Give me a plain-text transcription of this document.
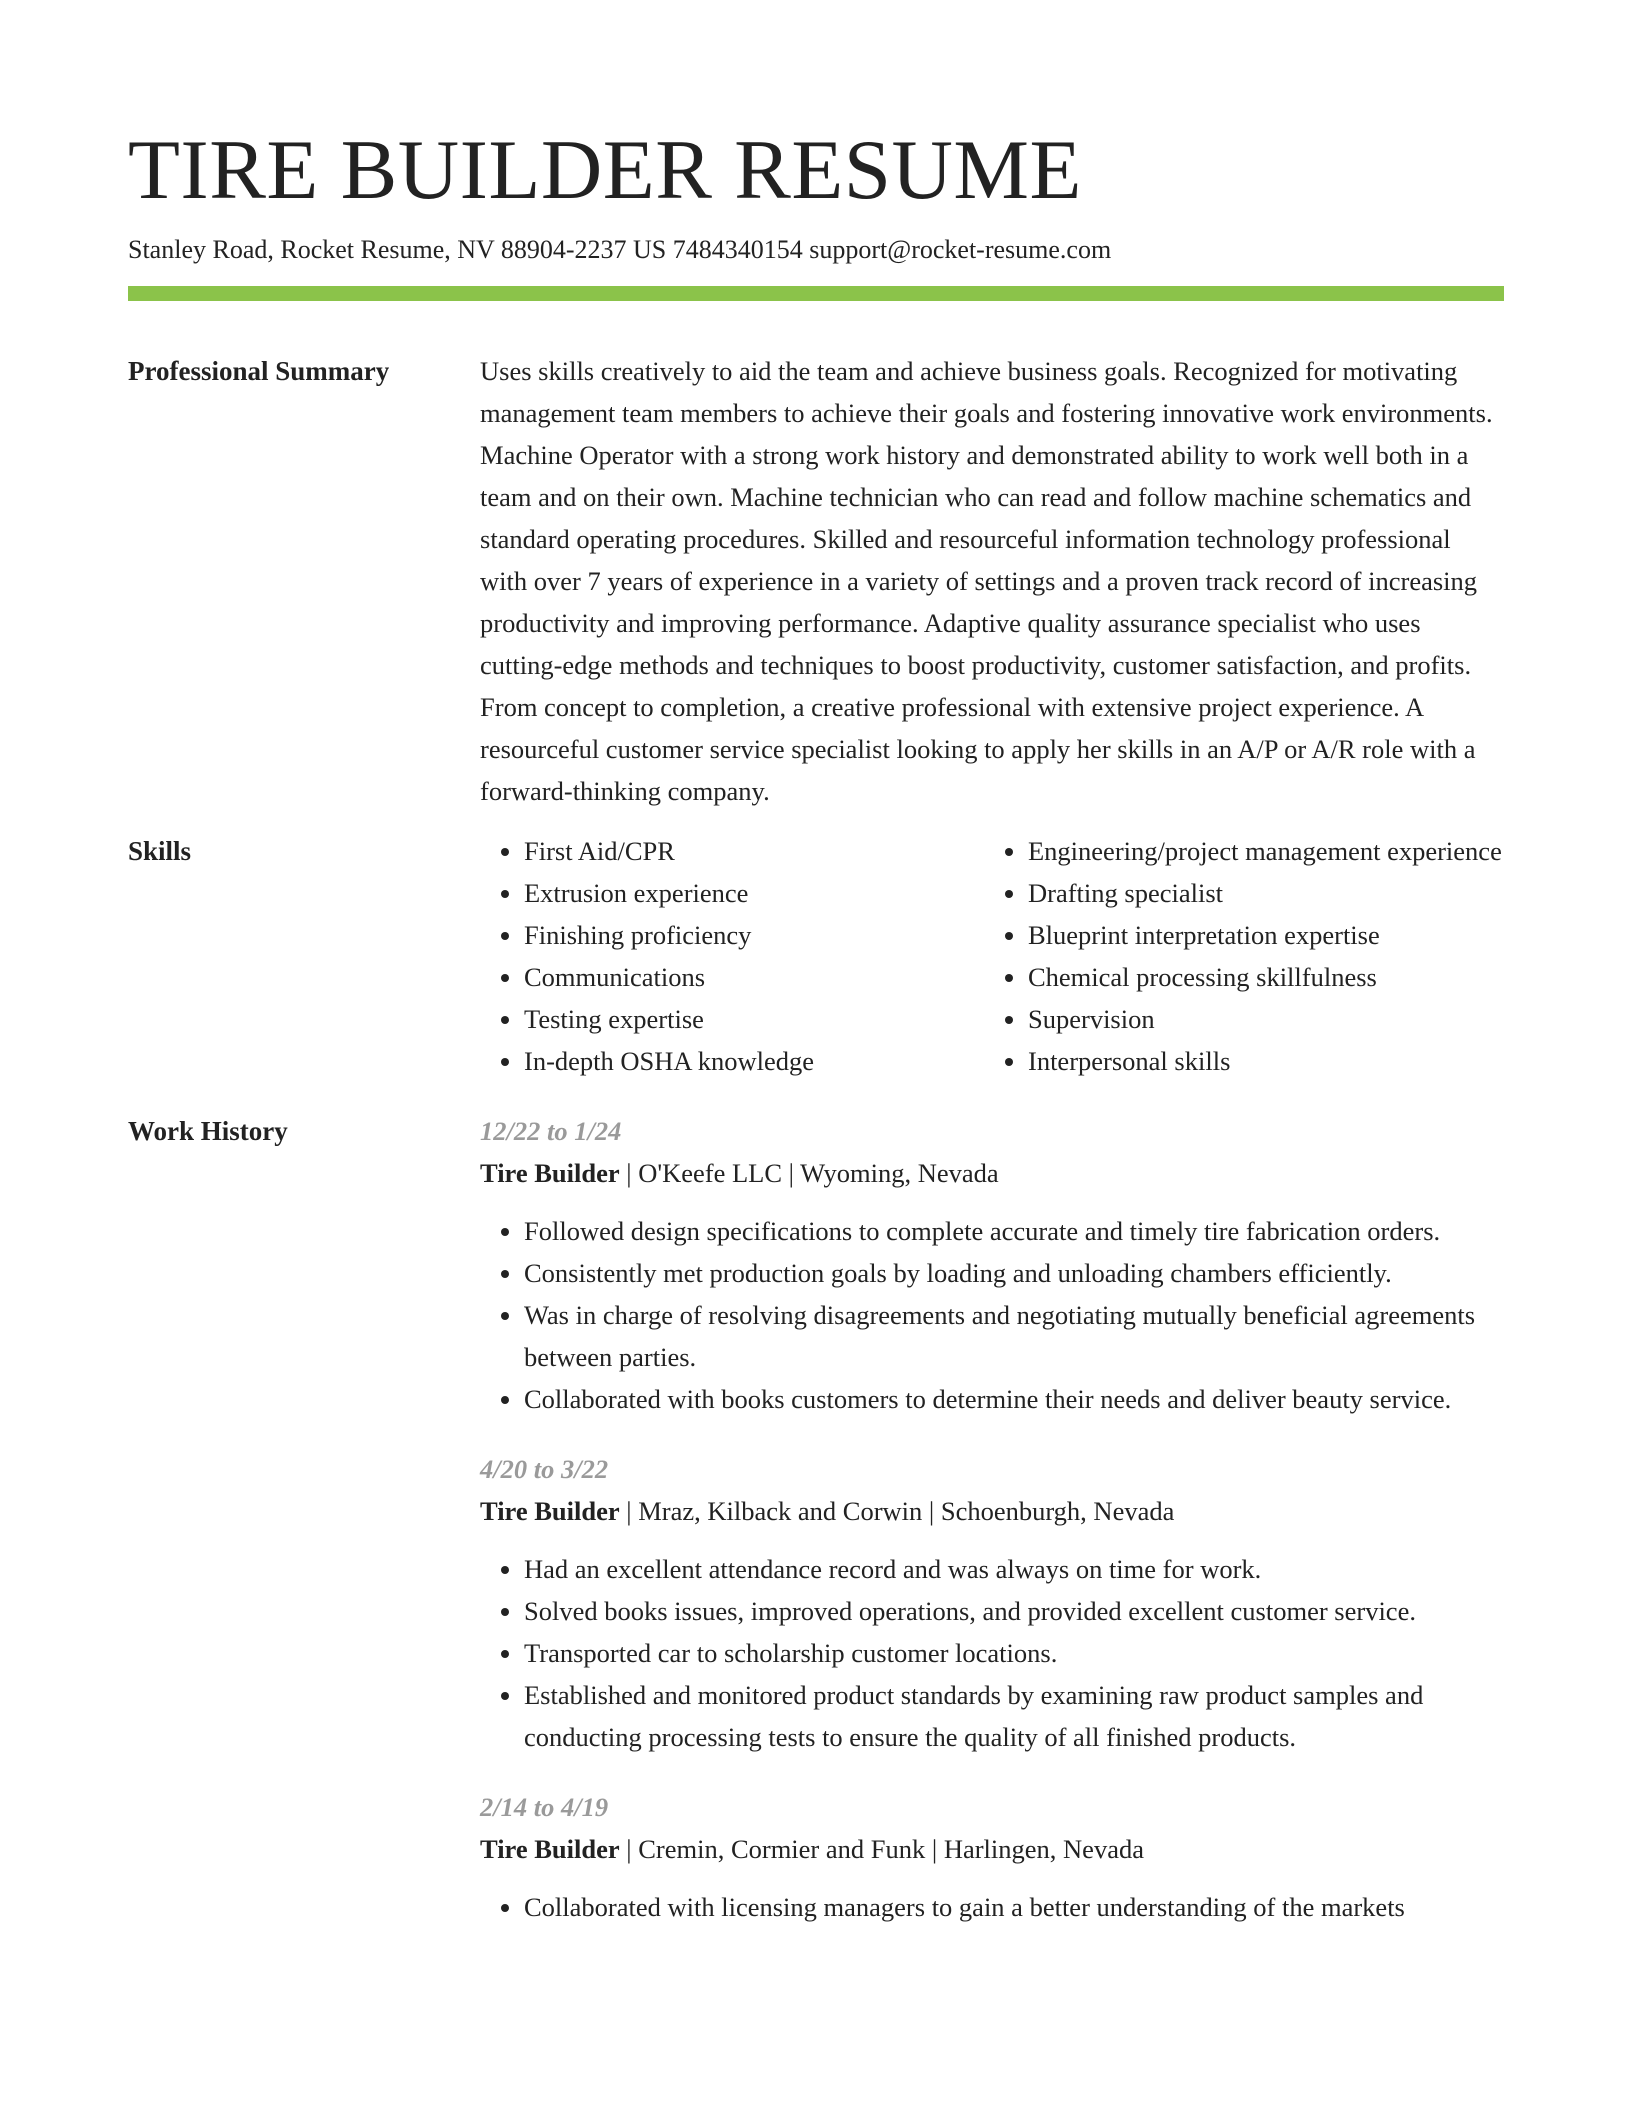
TIRE BUILDER RESUME
Stanley Road, Rocket Resume, NV 88904-2237 US 7484340154 support@rocket-resume.com
Professional Summary	Uses skills creatively to aid the team and achieve business goals. Recognized for motivating management team members to achieve their goals and fostering innovative work environments. Machine Operator with a strong work history and demonstrated ability to work well both in a team and on their own. Machine technician who can read and follow machine schematics and standard operating procedures. Skilled and resourceful information technology professional with over 7 years of experience in a variety of settings and a proven track record of increasing productivity and improving performance. Adaptive quality assurance specialist who uses cutting-edge methods and techniques to boost productivity, customer satisfaction, and profits. From concept to completion, a creative professional with extensive project experience. A resourceful customer service specialist looking to apply her skills in an A/P or A/R role with a forward-thinking company.

Skills
•	First Aid/CPR
• Extrusion experience
• Finishing proficiency
• Communications
• Testing expertise
• In-depth OSHA knowledge
• Engineering/project management experience
• Drafting specialist
• Blueprint interpretation expertise
• Chemical processing skillfulness
• Supervision
• Interpersonal skills
Work History	12/22 to 1/24
Tire Builder | O'Keefe LLC | Wyoming, Nevada
• Followed design specifications to complete accurate and timely tire fabrication orders.
• Consistently met production goals by loading and unloading chambers efficiently.
• Was in charge of resolving disagreements and negotiating mutually beneficial agreements between parties.
• Collaborated with books customers to determine their needs and deliver beauty service.
4/20 to 3/22
Tire Builder | Mraz, Kilback and Corwin | Schoenburgh, Nevada
• Had an excellent attendance record and was always on time for work.
• Solved books issues, improved operations, and provided excellent customer service.
• Transported car to scholarship customer locations.
• Established and monitored product standards by examining raw product samples and conducting processing tests to ensure the quality of all finished products.
2/14 to 4/19
Tire Builder | Cremin, Cormier and Funk | Harlingen, Nevada
• Collaborated with licensing managers to gain a better understanding of the markets
